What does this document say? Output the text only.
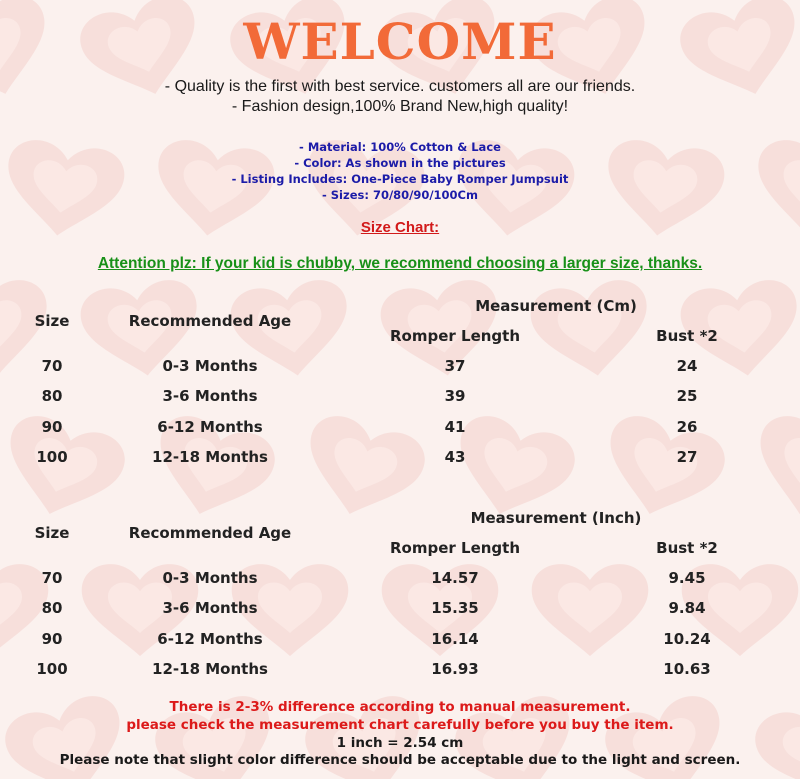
WELCOME
- Quality is the first with best service. customers all are our friends.
- Fashion design,100% Brand New,high quality!
- Material: 100% Cotton & Lace
- Color: As shown in the pictures
- Listing Includes: One-Piece Baby Romper Jumpsuit
- Sizes: 70/80/90/100Cm
Size Chart:
Attention plz: If your kid is chubby, we recommend choosing a larger size, thanks.
Size	Recommended Age
Measurement (Cm)
Romper Length	Bust *2
70	0-3 Months	37	24
80	3-6 Months	39	25
90	6-12 Months	41	26
100	12-18 Months	43	27
Size	Recommended Age
Measurement (Inch)
Romper Length	Bust *2
70	0-3 Months	14.57	9.45
80	3-6 Months	15.35	9.84
90	6-12 Months	16.14	10.24
100	12-18 Months	16.93	10.63
There is 2-3% difference according to manual measurement.
please check the measurement chart carefully before you buy the item.
1 inch = 2.54 cm
Please note that slight color difference should be acceptable due to the light and screen.
